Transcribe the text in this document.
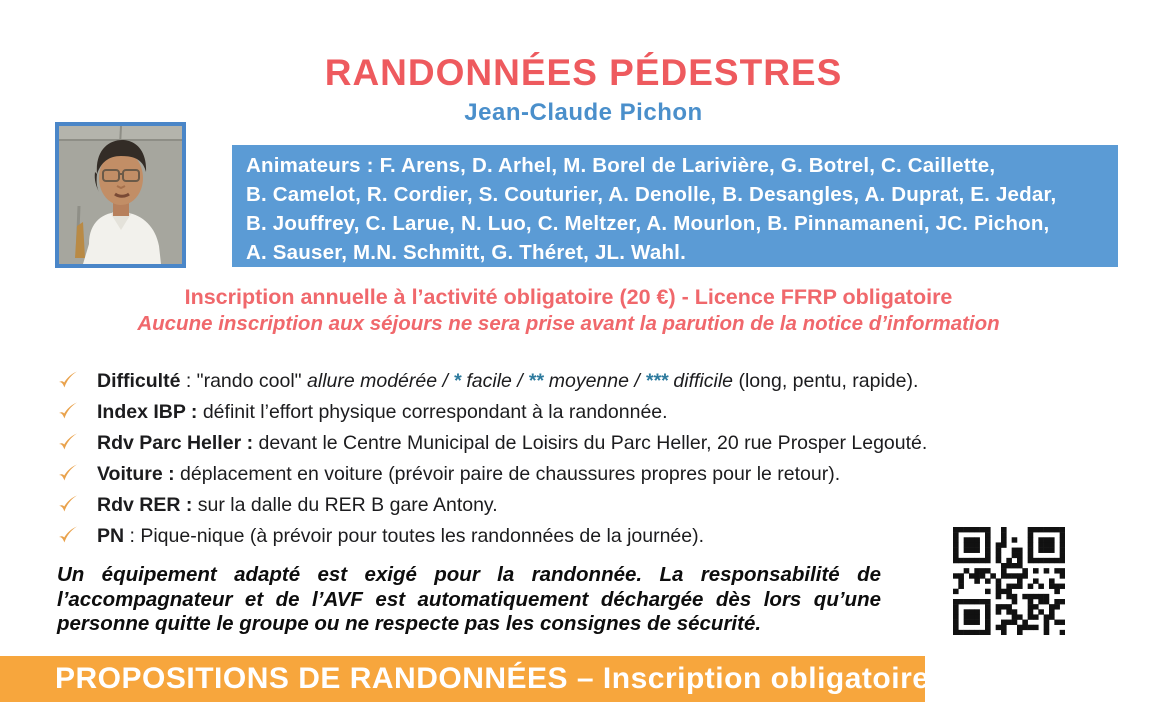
RANDONNÉES PÉDESTRES
Jean-Claude Pichon
Animateurs : F. Arens, D. Arhel, M. Borel de Larivière, G. Botrel, C. Caillette,
B. Camelot, R. Cordier, S. Couturier, A. Denolle, B. Desangles, A. Duprat, E. Jedar,
B. Jouffrey, C. Larue, N. Luo, C. Meltzer, A. Mourlon, B. Pinnamaneni, JC. Pichon,
A. Sauser, M.N. Schmitt, G. Théret, JL. Wahl.
Inscription annuelle à l’activité obligatoire (20 €) - Licence FFRP obligatoire
Aucune inscription aux séjours ne sera prise avant la parution de la notice d’information
Difficulté : "rando cool" allure modérée / * facile / ** moyenne / *** difficile (long, pentu, rapide).
Index IBP : définit l’effort physique correspondant à la randonnée.
Rdv Parc Heller : devant le Centre Municipal de Loisirs du Parc Heller, 20 rue Prosper Legouté.
Voiture : déplacement en voiture (prévoir paire de chaussures propres pour le retour).
Rdv RER : sur la dalle du RER B gare Antony.
PN : Pique-nique (à prévoir pour toutes les randonnées de la journée).
Un équipement adapté est exigé pour la randonnée. La responsabilité de l’accompagnateur et de l’AVF est automatiquement déchargée dès lors qu’une personne quitte le groupe ou ne respecte pas les consignes de sécurité.
PROPOSITIONS DE RANDONNÉES – Inscription obligatoire
